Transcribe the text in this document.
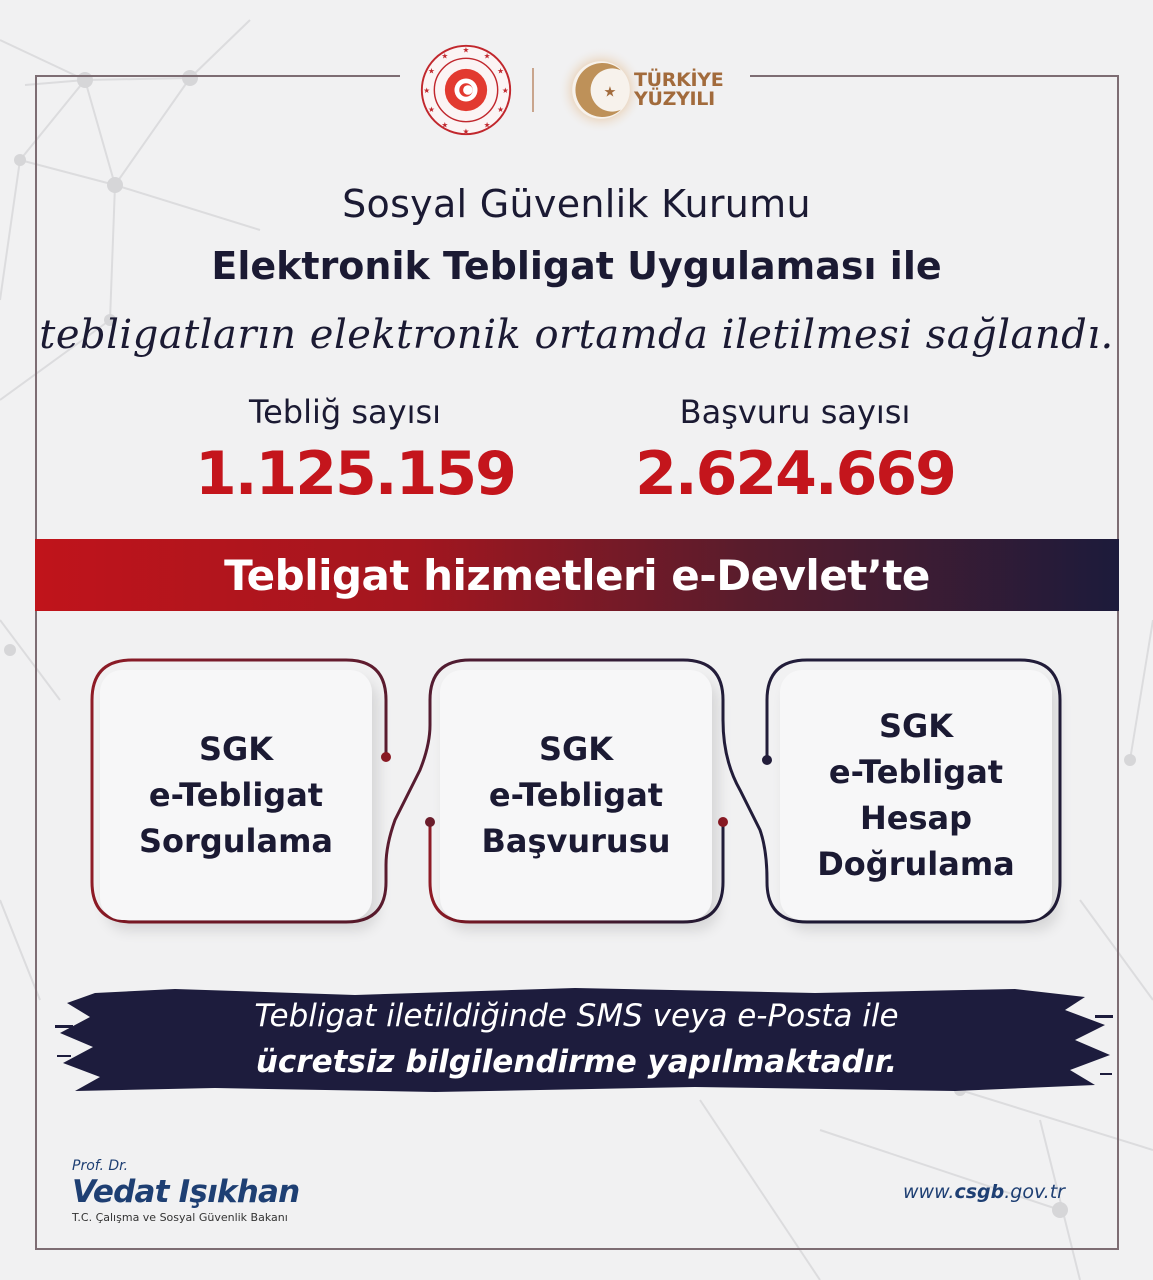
★
★
★
★
★
★
★
★
★
★
★
★
★
TÜRKİYE
YÜZYILI
Sosyal Güvenlik Kurumu
Elektronik Tebligat Uygulaması ile
tebligatların elektronik ortamda iletilmesi sağlandı.
Tebliğ sayısı
1.125.159
Başvuru sayısı
2.624.669
Tebligat hizmetleri e-Devlet’te
SGK
e-Tebligat
Sorgulama
SGK
e-Tebligat
Başvurusu
SGK
e-Tebligat
Hesap
Doğrulama
Tebligat iletildiğinde SMS veya e-Posta ile
ücretsiz bilgilendirme yapılmaktadır.
Prof. Dr.
Vedat Işıkhan
T.C. Çalışma ve Sosyal Güvenlik Bakanı
www.csgb.gov.tr
